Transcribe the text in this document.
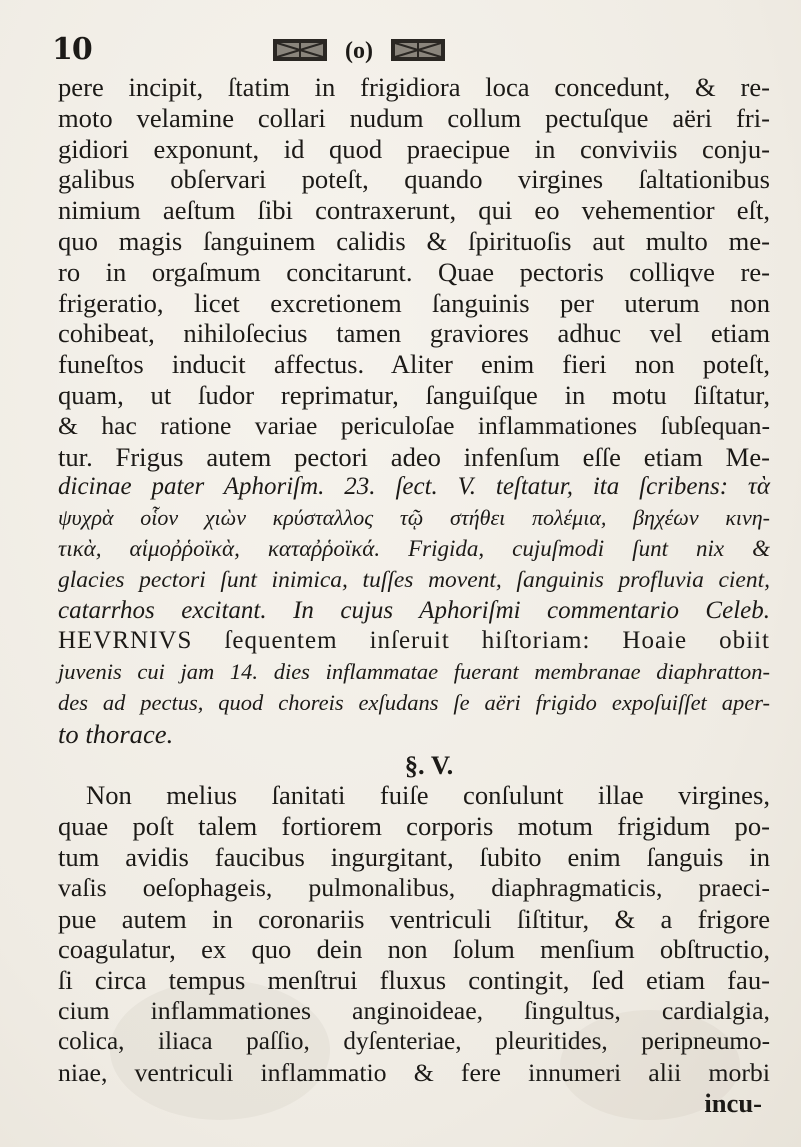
10	(o)
pere incipit, ſtatim in frigidiora loca concedunt, & re-
moto velamine collari nudum collum pectuſque aëri fri-
gidiori exponunt, id quod praecipue in conviviis conju-
galibus obſervari poteſt, quando virgines ſaltationibus
nimium aeſtum ſibi contraxerunt, qui eo vehementior eſt,
quo magis ſanguinem calidis & ſpirituoſis aut multo me-
ro in orgaſmum concitarunt. Quae pectoris colliqve re-
frigeratio, licet excretionem ſanguinis per uterum non
cohibeat, nihiloſecius tamen graviores adhuc vel etiam
funeſtos inducit affectus. Aliter enim fieri non poteſt,
quam, ut ſudor reprimatur, ſanguiſque in motu ſiſtatur,
& hac ratione variae periculoſae inflammationes ſubſequan-
tur. Frigus autem pectori adeo infenſum eſſe etiam Me-
dicinae pater Aphoriſm. 23. ſect. V. teſtatur, ita ſcribens: τὰ
ψυχρὰ οἷον χιὼν κρύσταλλος τῷ στήθει πολέμια, βηχέων κινη-
τικὰ, αἱμοῤῥοϊκὰ, καταῤῥοϊκά. Frigida, cujuſmodi ſunt nix &
glacies pectori ſunt inimica, tuſſes movent, ſanguinis profluvia cient,
catarrhos excitant. In cujus Aphoriſmi commentario Celeb.
HEVRNIVS ſequentem inſeruit hiſtoriam: Hoaie obiit
juvenis cui jam 14. dies inflammatae fuerant membranae diaphratton-
des ad pectus, quod choreis exſudans ſe aëri frigido expoſuiſſet aper-
to thorace.
§. V.
Non melius ſanitati fuiſe conſulunt illae virgines,
quae poſt talem fortiorem corporis motum frigidum po-
tum avidis faucibus ingurgitant, ſubito enim ſanguis in
vaſis oeſophageis, pulmonalibus, diaphragmaticis, praeci-
pue autem in coronariis ventriculi ſiſtitur, & a frigore
coagulatur, ex quo dein non ſolum menſium obſtructio,
ſi circa tempus menſtrui fluxus contingit, ſed etiam fau-
cium inflammationes anginoideae, ſingultus, cardialgia,
colica, iliaca paſſio, dyſenteriae, pleuritides, peripneumo-
niae, ventriculi inflammatio & fere innumeri alii morbi
incu-
